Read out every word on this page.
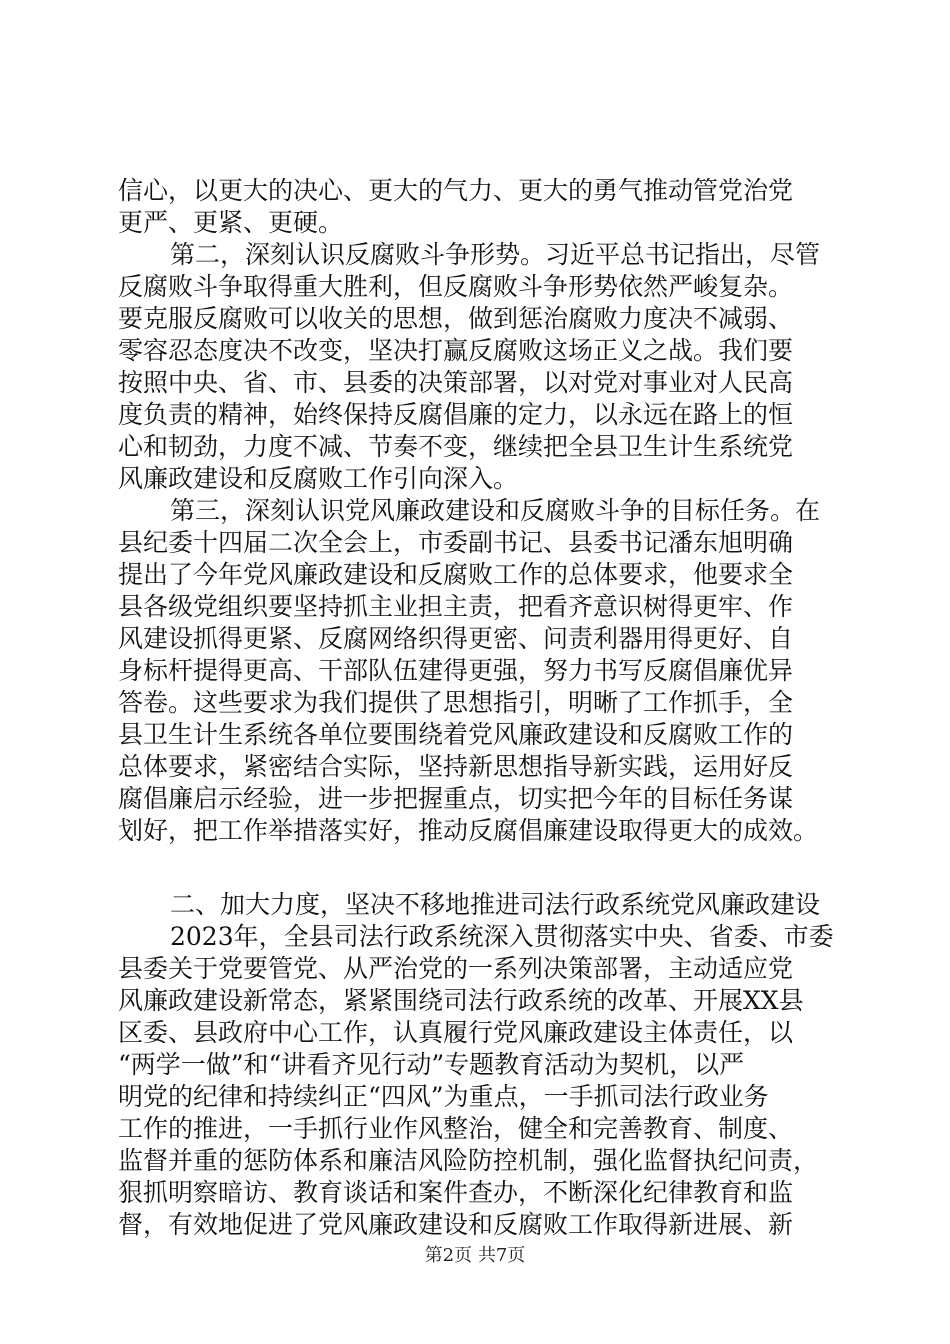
信心，以更大的决心、更大的气力、更大的勇气推动管党治党
更严、更紧、更硬。
第二，深刻认识反腐败斗争形势。习近平总书记指出，尽管
反腐败斗争取得重大胜利，但反腐败斗争形势依然严峻复杂。
要克服反腐败可以收关的思想，做到惩治腐败力度决不减弱、
零容忍态度决不改变，坚决打赢反腐败这场正义之战。我们要
按照中央、省、市、县委的决策部署，以对党对事业对人民高
度负责的精神，始终保持反腐倡廉的定力，以永远在路上的恒
心和韧劲，力度不减、节奏不变，继续把全县卫生计生系统党
风廉政建设和反腐败工作引向深入。
第三，深刻认识党风廉政建设和反腐败斗争的目标任务。在
县纪委十四届二次全会上，市委副书记、县委书记潘东旭明确
提出了今年党风廉政建设和反腐败工作的总体要求，他要求全
县各级党组织要坚持抓主业担主责，把看齐意识树得更牢、作
风建设抓得更紧、反腐网络织得更密、问责利器用得更好、自
身标杆提得更高、干部队伍建得更强，努力书写反腐倡廉优异
答卷。这些要求为我们提供了思想指引，明晰了工作抓手，全
县卫生计生系统各单位要围绕着党风廉政建设和反腐败工作的
总体要求，紧密结合实际，坚持新思想指导新实践，运用好反
腐倡廉启示经验，进一步把握重点，切实把今年的目标任务谋
划好，把工作举措落实好，推动反腐倡廉建设取得更大的成效。
二、加大力度，坚决不移地推进司法行政系统党风廉政建设
2023年，全县司法行政系统深入贯彻落实中央、省委、市委
县委关于党要管党、从严治党的一系列决策部署，主动适应党
风廉政建设新常态，紧紧围绕司法行政系统的改革、开展XX县
区委、县政府中心工作，认真履行党风廉政建设主体责任，以
“两学一做”和“讲看齐见行动”专题教育活动为契机，以严
明党的纪律和持续纠正“四风”为重点，一手抓司法行政业务
工作的推进，一手抓行业作风整治，健全和完善教育、制度、
监督并重的惩防体系和廉洁风险防控机制，强化监督执纪问责，
狠抓明察暗访、教育谈话和案件查办，不断深化纪律教育和监
督，有效地促进了党风廉政建设和反腐败工作取得新进展、新
第2页 共7页
